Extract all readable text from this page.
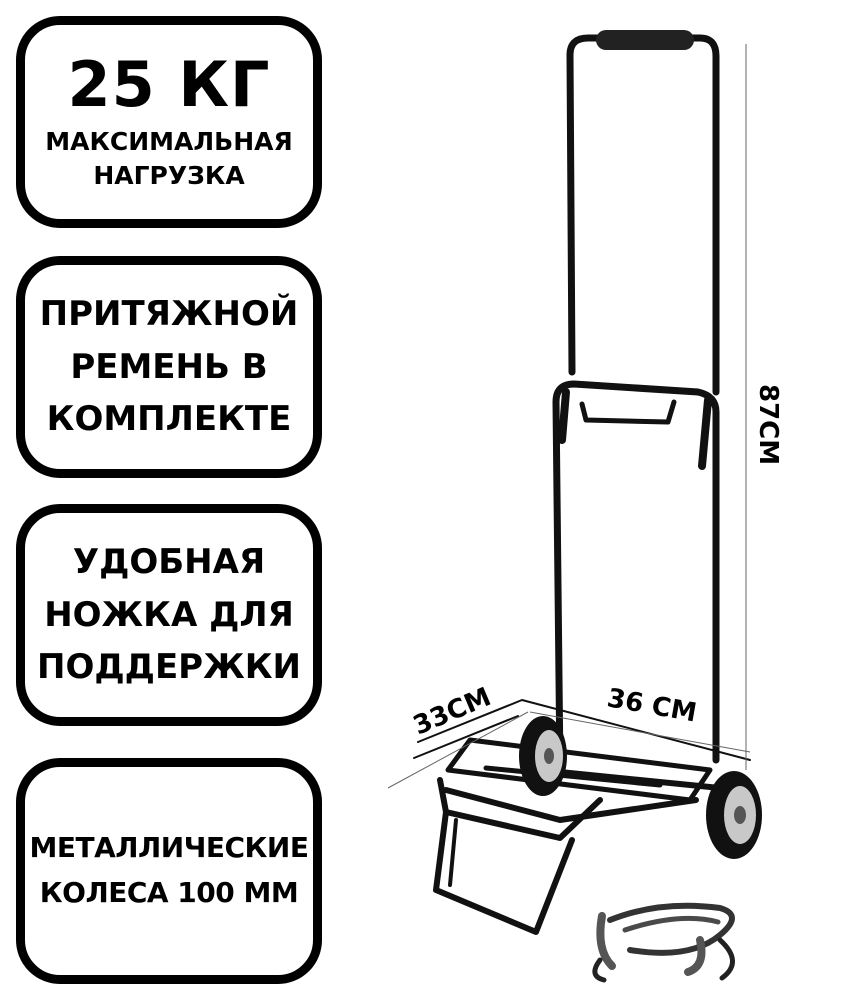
25 КГ
МАКСИМАЛЬНАЯ
НАГРУЗКА
ПРИТЯЖНОЙ
РЕМЕНЬ В
КОМПЛЕКТЕ
УДОБНАЯ
НОЖКА ДЛЯ
ПОДДЕРЖКИ
МЕТАЛЛИЧЕСКИЕ
КОЛЕСА 100 ММ
87CM
33CM	36 CM
